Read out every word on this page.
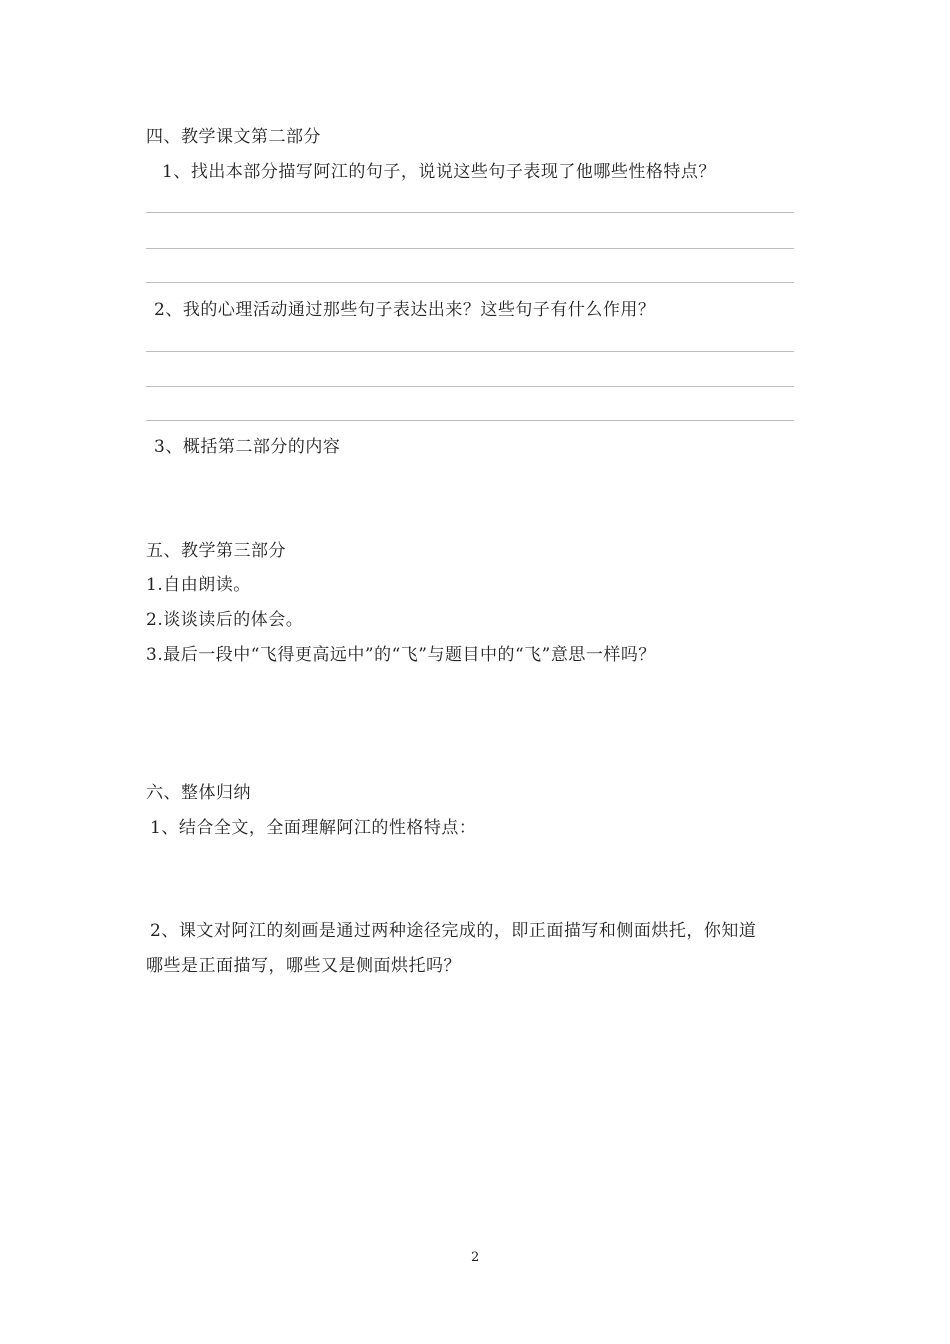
四、教学课文第二部分
1、找出本部分描写阿江的句子，说说这些句子表现了他哪些性格特点？
2、我的心理活动通过那些句子表达出来？这些句子有什么作用？
3、概括第二部分的内容
五、教学第三部分
1.自由朗读。
2.谈谈读后的体会。
3.最后一段中“飞得更高远中”的“飞”与题目中的“飞”意思一样吗？
六、整体归纳
1、结合全文，全面理解阿江的性格特点：
2、课文对阿江的刻画是通过两种途径完成的，即正面描写和侧面烘托，你知道
哪些是正面描写，哪些又是侧面烘托吗？
2
